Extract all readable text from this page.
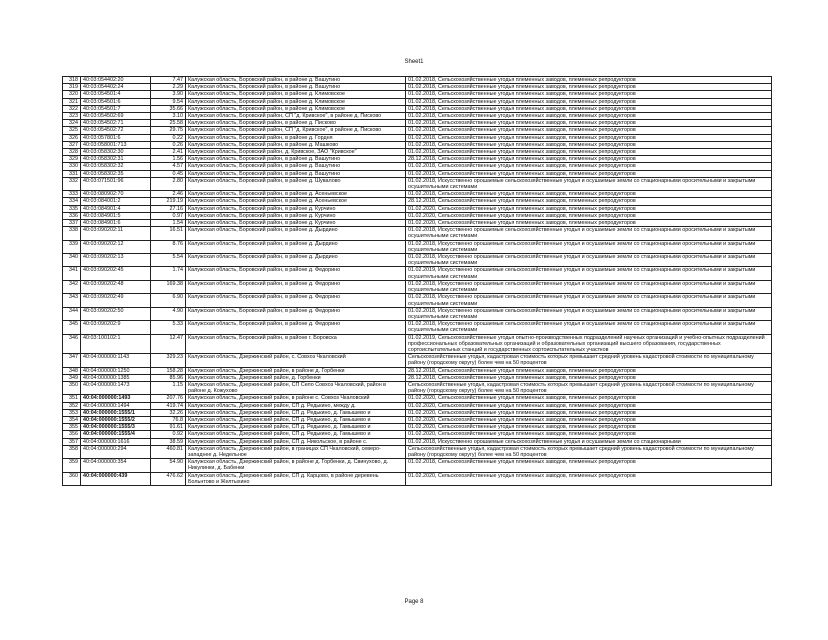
Sheet1
318	40:03:054402:20	7.47	Калужская область, Боровский район, в районе д. Вашутино	01.02.2018, Сельскохозяйственные угодья племенных заводов, племенных репродукторов
319	40:03:054402:24	2.29	Калужская область, Боровский район, в районе д. Вашутино	01.02.2018, Сельскохозяйственные угодья племенных заводов, племенных репродукторов
320	40:03:054501:4	3.90	Калужская область, Боровский район, в районе д. Климовское	01.02.2018, Сельскохозяйственные угодья племенных заводов, племенных репродукторов
321	40:03:054501:6	9.54	Калужская область, Боровский район, в районе д. Климовское	01.02.2018, Сельскохозяйственные угодья племенных заводов, племенных репродукторов
322	40:03:054501:7	35.66	Калужская область, Боровский район, в районе д. Климовское	01.02.2018, Сельскохозяйственные угодья племенных заводов, племенных репродукторов
323	40:03:054502:69	3.10	Калужская область, Боровский район, СП "д. Кривское", в районе д. Писково	01.02.2018, Сельскохозяйственные угодья племенных заводов, племенных репродукторов
324	40:03:054502:71	25.58	Калужская область, Боровский район, в районе д. Писково	01.02.2018, Сельскохозяйственные угодья племенных заводов, племенных репродукторов
325	40:03:054502:72	29.75	Калужская область, Боровский район, СП "д. Кривское", в районе д. Писково	01.02.2018, Сельскохозяйственные угодья племенных заводов, племенных репродукторов
326	40:03:057801:6	0.22	Калужская область, Боровский район, в районе д. Гордня	01.02.2018, Сельскохозяйственные угодья племенных заводов, племенных репродукторов
327	40:03:058001:713	0.26	Калужская область, Боровский район, в районе д. Машково	01.02.2018, Сельскохозяйственные угодья племенных заводов, племенных репродукторов
328	40:03:058302:30	2.41	Калужская область, Боровский район, д. Кривское, ЗАО "Кривское"	01.02.2018, Сельскохозяйственные угодья племенных заводов, племенных репродукторов
329	40:03:058302:31	1.56	Калужская область, Боровский район, в районе д. Вашутино	28.12.2018, Сельскохозяйственные угодья племенных заводов, племенных репродукторов
330	40:03:058302:32	4.57	Калужская область, Боровский район, в районе д. Вашутино	01.02.2018, Сельскохозяйственные угодья племенных заводов, племенных репродукторов
331	40:03:058302:35	0.45	Калужская область, Боровский район, в районе д. Вашутино	01.02.2019, Сельскохозяйственные угодья племенных заводов, племенных репродукторов
332	40:03:071501:96	2.80	Калужская область, Боровский район, в районе д. Шувалово	01.02.2018, Искусственно орошаемые сельскохозяйственные угодья и осушаемые земли со стационарными оросительными и закрытыми осушительными системами
333	40:03:080902:70	2.46	Калужская область, Боровский район, в районе д. Асеньевское	01.02.2018, Сельскохозяйственные угодья племенных заводов, племенных репродукторов
334	40:03:084001:2	219.19	Калужская область, Боровский район, в районе д. Асеньевское	28.12.2018, Сельскохозяйственные угодья племенных заводов, племенных репродукторов
335	40:03:084901:4	27.16	Калужская область, Боровский район, в районе д. Курчино	01.02.2020, Сельскохозяйственные угодья племенных заводов, племенных репродукторов
336	40:03:084901:5	0.97	Калужская область, Боровский район, в районе д. Курчино	01.02.2020, Сельскохозяйственные угодья племенных заводов, племенных репродукторов
337	40:03:084901:6	1.54	Калужская область, Боровский район, в районе д. Курчино	01.02.2020, Сельскохозяйственные угодья племенных заводов, племенных репродукторов
338	40:03:090202:11	16.51	Калужская область, Боровский район, в районе д. Дырдино	01.02.2018, Искусственно орошаемые сельскохозяйственные угодья и осушаемые земли со стационарными оросительными и закрытыми осушительными системами
339	40:03:090202:12	8.76	Калужская область, Боровский район, в районе д. Дырдино	01.02.2018, Искусственно орошаемые сельскохозяйственные угодья и осушаемые земли со стационарными оросительными и закрытыми осушительными системами
340	40:03:090202:13	5.54	Калужская область, Боровский район, в районе д. Дырдино	01.02.2018, Искусственно орошаемые сельскохозяйственные угодья и осушаемые земли со стационарными оросительными и закрытыми осушительными системами
341	40:03:090202:45	1.74	Калужская область, Боровский район, в районе д. Федорино	01.02.2019, Искусственно орошаемые сельскохозяйственные угодья и осушаемые земли со стационарными оросительными и закрытыми осушительными системами
342	40:03:090202:48	169.38	Калужская область, Боровский район, в районе д. Федорино	01.02.2018, Искусственно орошаемые сельскохозяйственные угодья и осушаемые земли со стационарными оросительными и закрытыми осушительными системами
343	40:03:090202:49	6.90	Калужская область, Боровский район, в районе д. Федорино	01.02.2018, Искусственно орошаемые сельскохозяйственные угодья и осушаемые земли со стационарными оросительными и закрытыми осушительными системами
344	40:03:090202:50	4.90	Калужская область, Боровский район, в районе д. Федорино	01.02.2018, Искусственно орошаемые сельскохозяйственные угодья и осушаемые земли со стационарными оросительными и закрытыми осушительными системами
345	40:03:090202:9	5.33	Калужская область, Боровский район, в районе д. Федорино	01.02.2018, Искусственно орошаемые сельскохозяйственные угодья и осушаемые земли со стационарными оросительными и закрытыми осушительными системами
346	40:03:100102:1	12.47	Калужская область, Боровский район, в районе г. Боровска	01.02.2019, Сельскохозяйственные угодья опытно-производственных подразделений научных организаций и учебно-опытных подразделений профессиональных образовательных организаций и образовательных организаций высшего образования, государственных сортоиспытательных станций и государственных сортоиспытательных участков
347	40:04:000000:1143	329.23	Калужская область, Дзержинский район, с. Совхоз Чкаловский	Сельскохозяйственные угодья, кадастровая стоимость которых превышает средний уровень кадастровой стоимости по муниципальному району (городскому округу) более чем на 50 процентов
348	40:04:000000:1250	158.28	Калужская область, Дзержинский район, в районе д. Горбенки	28.12.2018, Сельскохозяйственные угодья племенных заводов, племенных репродукторов
349	40:04:000000:1385	85.96	Калужская область, Дзержинский район, д. Горбенки	28.12.2018, Сельскохозяйственные угодья племенных заводов, племенных репродукторов
350	40:04:000000:1473	1.15	Калужская область, Дзержинский район, СП Село Совхоз Чкаловский, район в районе д. Кожухово	Сельскохозяйственные угодья, кадастровая стоимость которых превышает средний уровень кадастровой стоимости по муниципальному району (городскому округу) более чем на 50 процентов
351	40:04:000000:1493	207.76	Калужская область, Дзержинский район, в районе с. Совхоз Чкаловский	01.02.2020, Сельскохозяйственные угодья племенных заводов, племенных репродукторов
352	40:04:000000:1494	419.74	Калужская область, Дзержинский район, СП д. Редькино, между д.	01.02.2020, Сельскохозяйственные угодья племенных заводов, племенных репродукторов
353	40:04:000000:1555/1	32.26	Калужская область, Дзержинский район, СП д. Редькино, д. Гамышево и	01.02.2020, Сельскохозяйственные угодья племенных заводов, племенных репродукторов
354	40:04:000000:1555/2	76.8	Калужская область, Дзержинский район, СП д. Редькино, д. Гамышево и	01.02.2020, Сельскохозяйственные угодья племенных заводов, племенных репродукторов
355	40:04:000000:1555/3	91.61	Калужская область, Дзержинский район, СП д. Редькино, д. Гамышево и	01.02.2020, Сельскохозяйственные угодья племенных заводов, племенных репродукторов
356	40:04:000000:1555/4	0.92	Калужская область, Дзержинский район, СП д. Редькино, д. Гамышево и	01.02.2020, Сельскохозяйственные угодья племенных заводов, племенных репродукторов
357	40:04:000000:1616	38.59	Калужская область, Дзержинский район, СП д. Никольское, в районе с.	01.02.2018, Искусственно орошаемые сельскохозяйственные угодья и осушаемые земли со стационарными
358	40:04:000000:294	460.81	Калужская область, Дзержинский район, в границах СП Чкаловский, северо-западнее д. Недельное	Сельскохозяйственные угодья, кадастровая стоимость которых превышает средний уровень кадастровой стоимости по муниципальному району (городскому округу) более чем на 50 процентов
359	40:04:000000:354	54.90	Калужская область, Дзержинский район, в районе д. Горбенки, д. Свинухово, д. Никулинки, д. Бабенки	01.02.2018, Сельскохозяйственные угодья племенных заводов, племенных репродукторов
360	40:04:000000:439	476.62	Калужская область, Дзержинский район, СП д. Карцово, в районе деревень Больнтово и Желтыхино	01.02.2020, Сельскохозяйственные угодья племенных заводов, племенных репродукторов
Page 8
